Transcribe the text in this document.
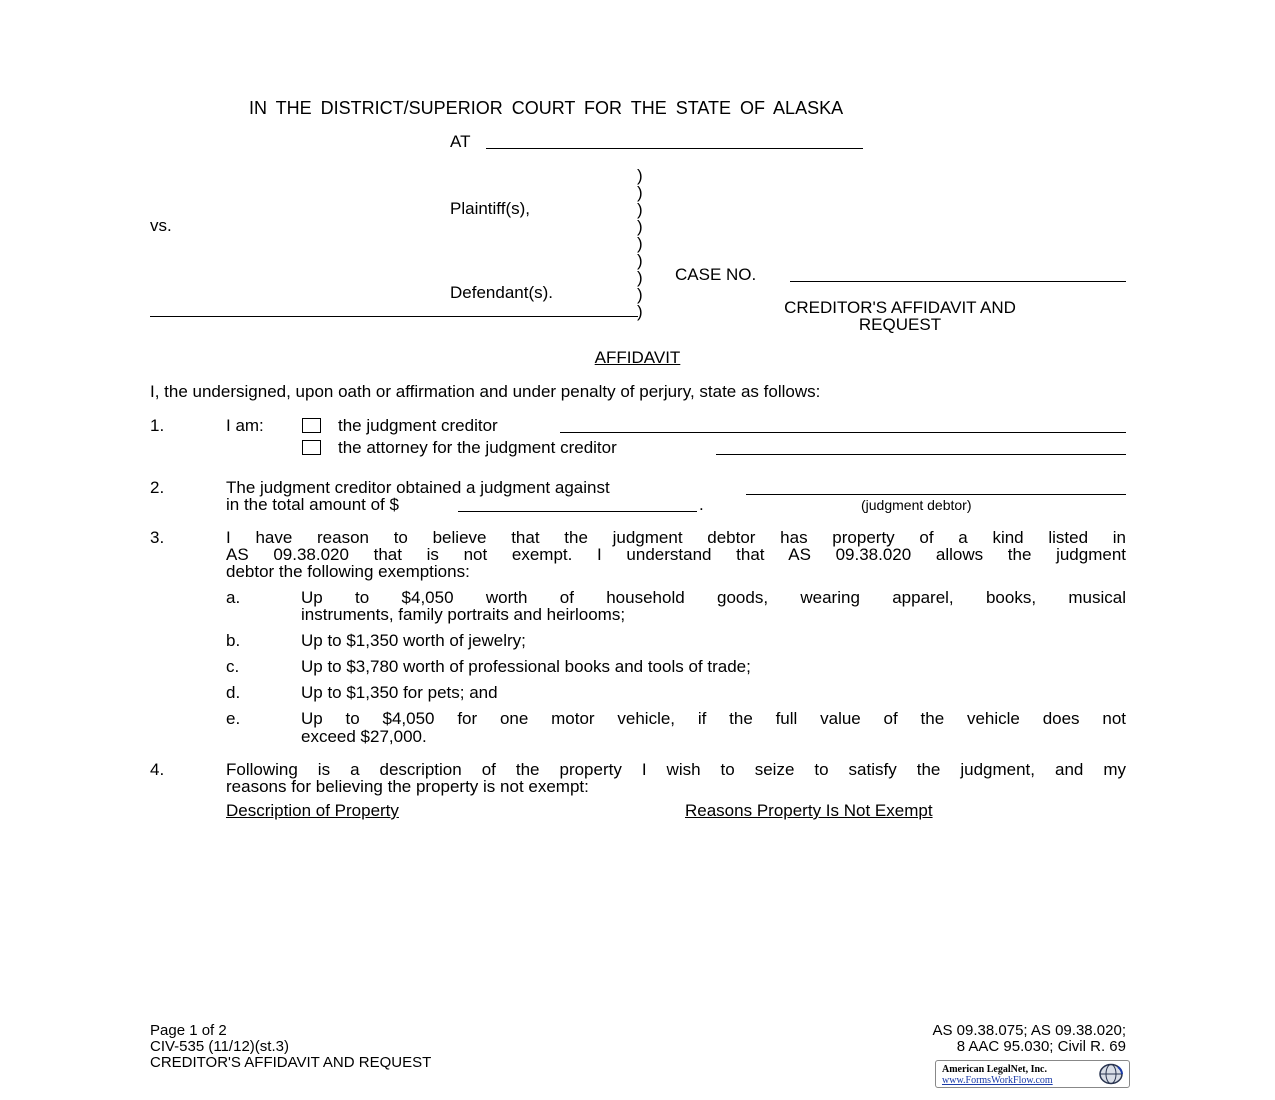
IN THE DISTRICT/SUPERIOR COURT FOR THE STATE OF ALASKA
AT
Plaintiff(s),
vs.
Defendant(s).
)
)
)
)
)
)
)
)
)
CASE NO.
CREDITOR'S AFFIDAVIT AND
REQUEST
AFFIDAVIT
I, the undersigned, upon oath or affirmation and under penalty of perjury, state as follows:
1.	I am:	the judgment creditor
the attorney for the judgment creditor
2.	The judgment creditor obtained a judgment against
in the total amount of $	.	(judgment debtor)
3.	I have reason to believe that the judgment debtor has property of a kind listed in
AS 09.38.020 that is not exempt. I understand that AS 09.38.020 allows the judgment
debtor the following exemptions:
a.	Up to $4,050 worth of household goods, wearing apparel, books, musical
instruments, family portraits and heirlooms;
b.	Up to $1,350 worth of jewelry;
c.	Up to $3,780 worth of professional books and tools of trade;
d.	Up to $1,350 for pets; and
e.	Up to $4,050 for one motor vehicle, if the full value of the vehicle does not
exceed $27,000.
4.	Following is a description of the property I wish to seize to satisfy the judgment, and my
reasons for believing the property is not exempt:
Description of Property	Reasons Property Is Not Exempt
Page 1 of 2
CIV-535 (11/12)(st.3)
CREDITOR'S AFFIDAVIT AND REQUEST
AS 09.38.075; AS 09.38.020;
8 AAC 95.030; Civil R. 69
American LegalNet, Inc.
www.FormsWorkFlow.com
